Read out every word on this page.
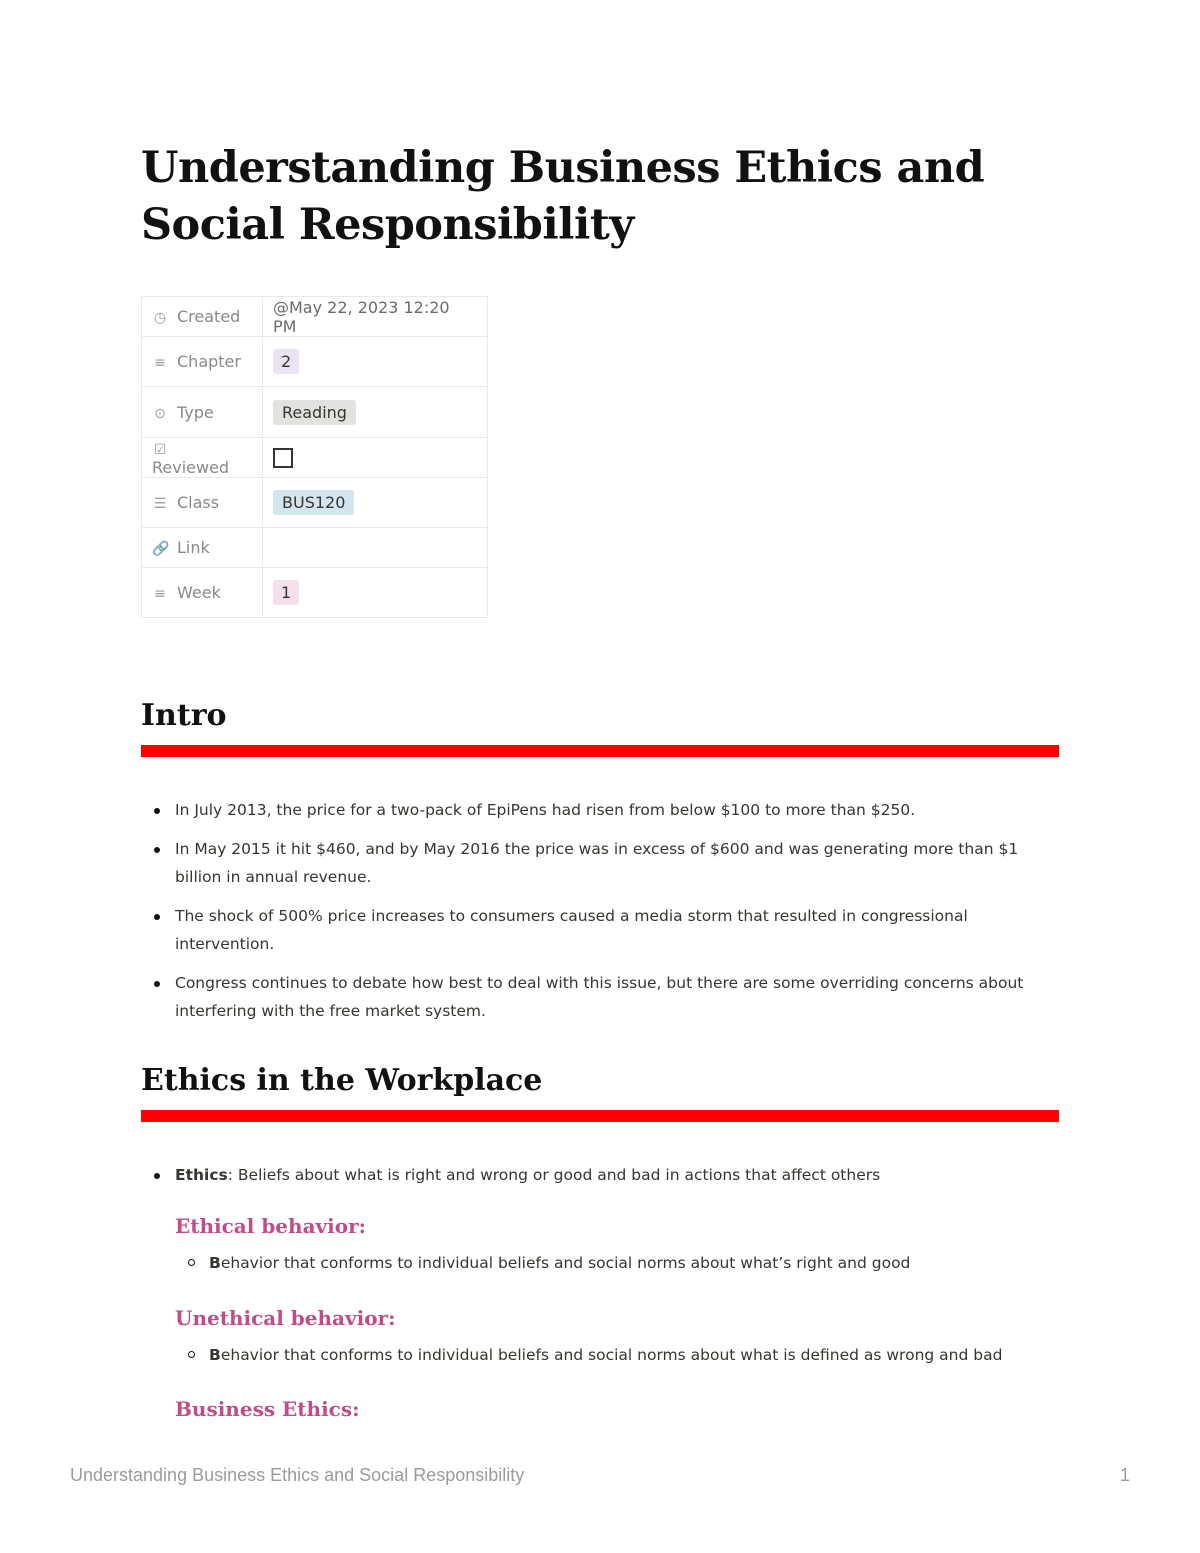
Understanding Business Ethics and Social Responsibility
◷ Created	@May 22, 2023 12:20 PM
≡ Chapter	2
⊙ Type	Reading
☑Reviewed	
☰ Class	BUS120
🔗 Link	
≡ Week	1
Intro
In July 2013, the price for a two-pack of EpiPens had risen from below $100 to more than $250.
In May 2015 it hit $460, and by May 2016 the price was in excess of $600 and was generating more than $1 billion in annual revenue.
The shock of 500% price increases to consumers caused a media storm that resulted in congressional intervention.
Congress continues to debate how best to deal with this issue, but there are some overriding concerns about interfering with the free market system.
Ethics in the Workplace
Ethics: Beliefs about what is right and wrong or good and bad in actions that affect others
Ethical behavior:
Behavior that conforms to individual beliefs and social norms about what’s right and good
Unethical behavior:
Behavior that conforms to individual beliefs and social norms about what is defined as wrong and bad
Business Ethics:
Understanding Business Ethics and Social Responsibility	1
